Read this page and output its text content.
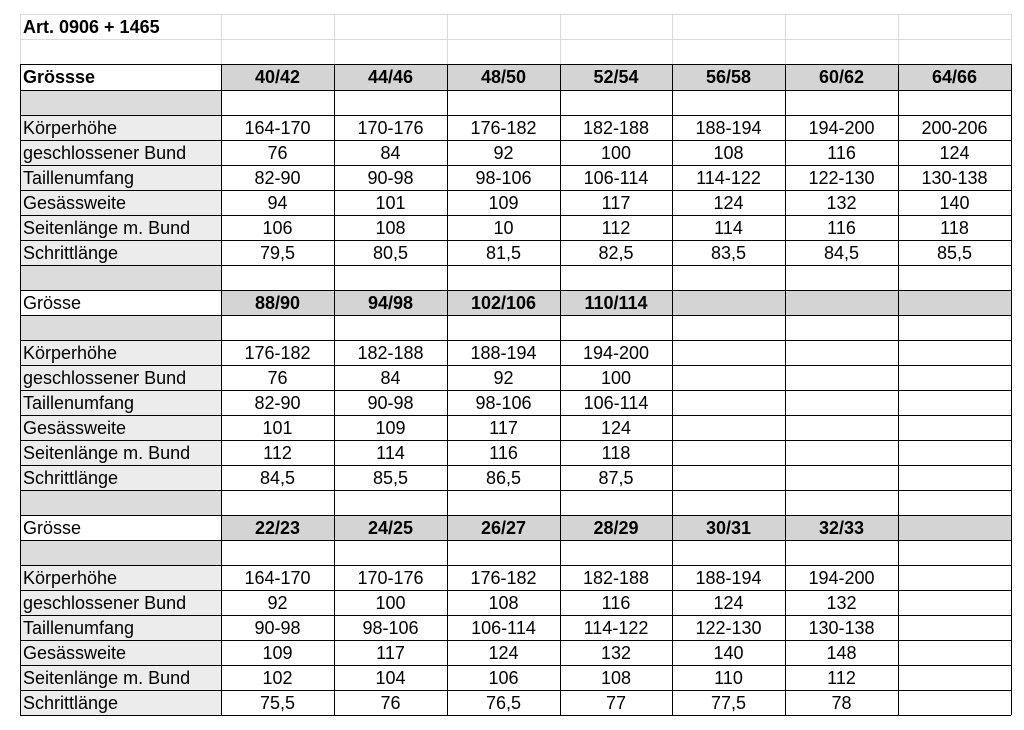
Art. 0906 + 1465
Grössse	40/42	44/46	48/50	52/54	56/58	60/62	64/66
Körperhöhe	164-170	170-176	176-182	182-188	188-194	194-200	200-206
geschlossener Bund	76	84	92	100	108	116	124
Taillenumfang	82-90	90-98	98-106	106-114	114-122	122-130	130-138
Gesässweite	94	101	109	117	124	132	140
Seitenlänge m. Bund	106	108	10	112	114	116	118
Schrittlänge	79,5	80,5	81,5	82,5	83,5	84,5	85,5
Grösse	88/90	94/98	102/106	110/114
Körperhöhe	176-182	182-188	188-194	194-200
geschlossener Bund	76	84	92	100
Taillenumfang	82-90	90-98	98-106	106-114
Gesässweite	101	109	117	124
Seitenlänge m. Bund	112	114	116	118
Schrittlänge	84,5	85,5	86,5	87,5
Grösse	22/23	24/25	26/27	28/29	30/31	32/33
Körperhöhe	164-170	170-176	176-182	182-188	188-194	194-200
geschlossener Bund	92	100	108	116	124	132
Taillenumfang	90-98	98-106	106-114	114-122	122-130	130-138
Gesässweite	109	117	124	132	140	148
Seitenlänge m. Bund	102	104	106	108	110	112
Schrittlänge	75,5	76	76,5	77	77,5	78
